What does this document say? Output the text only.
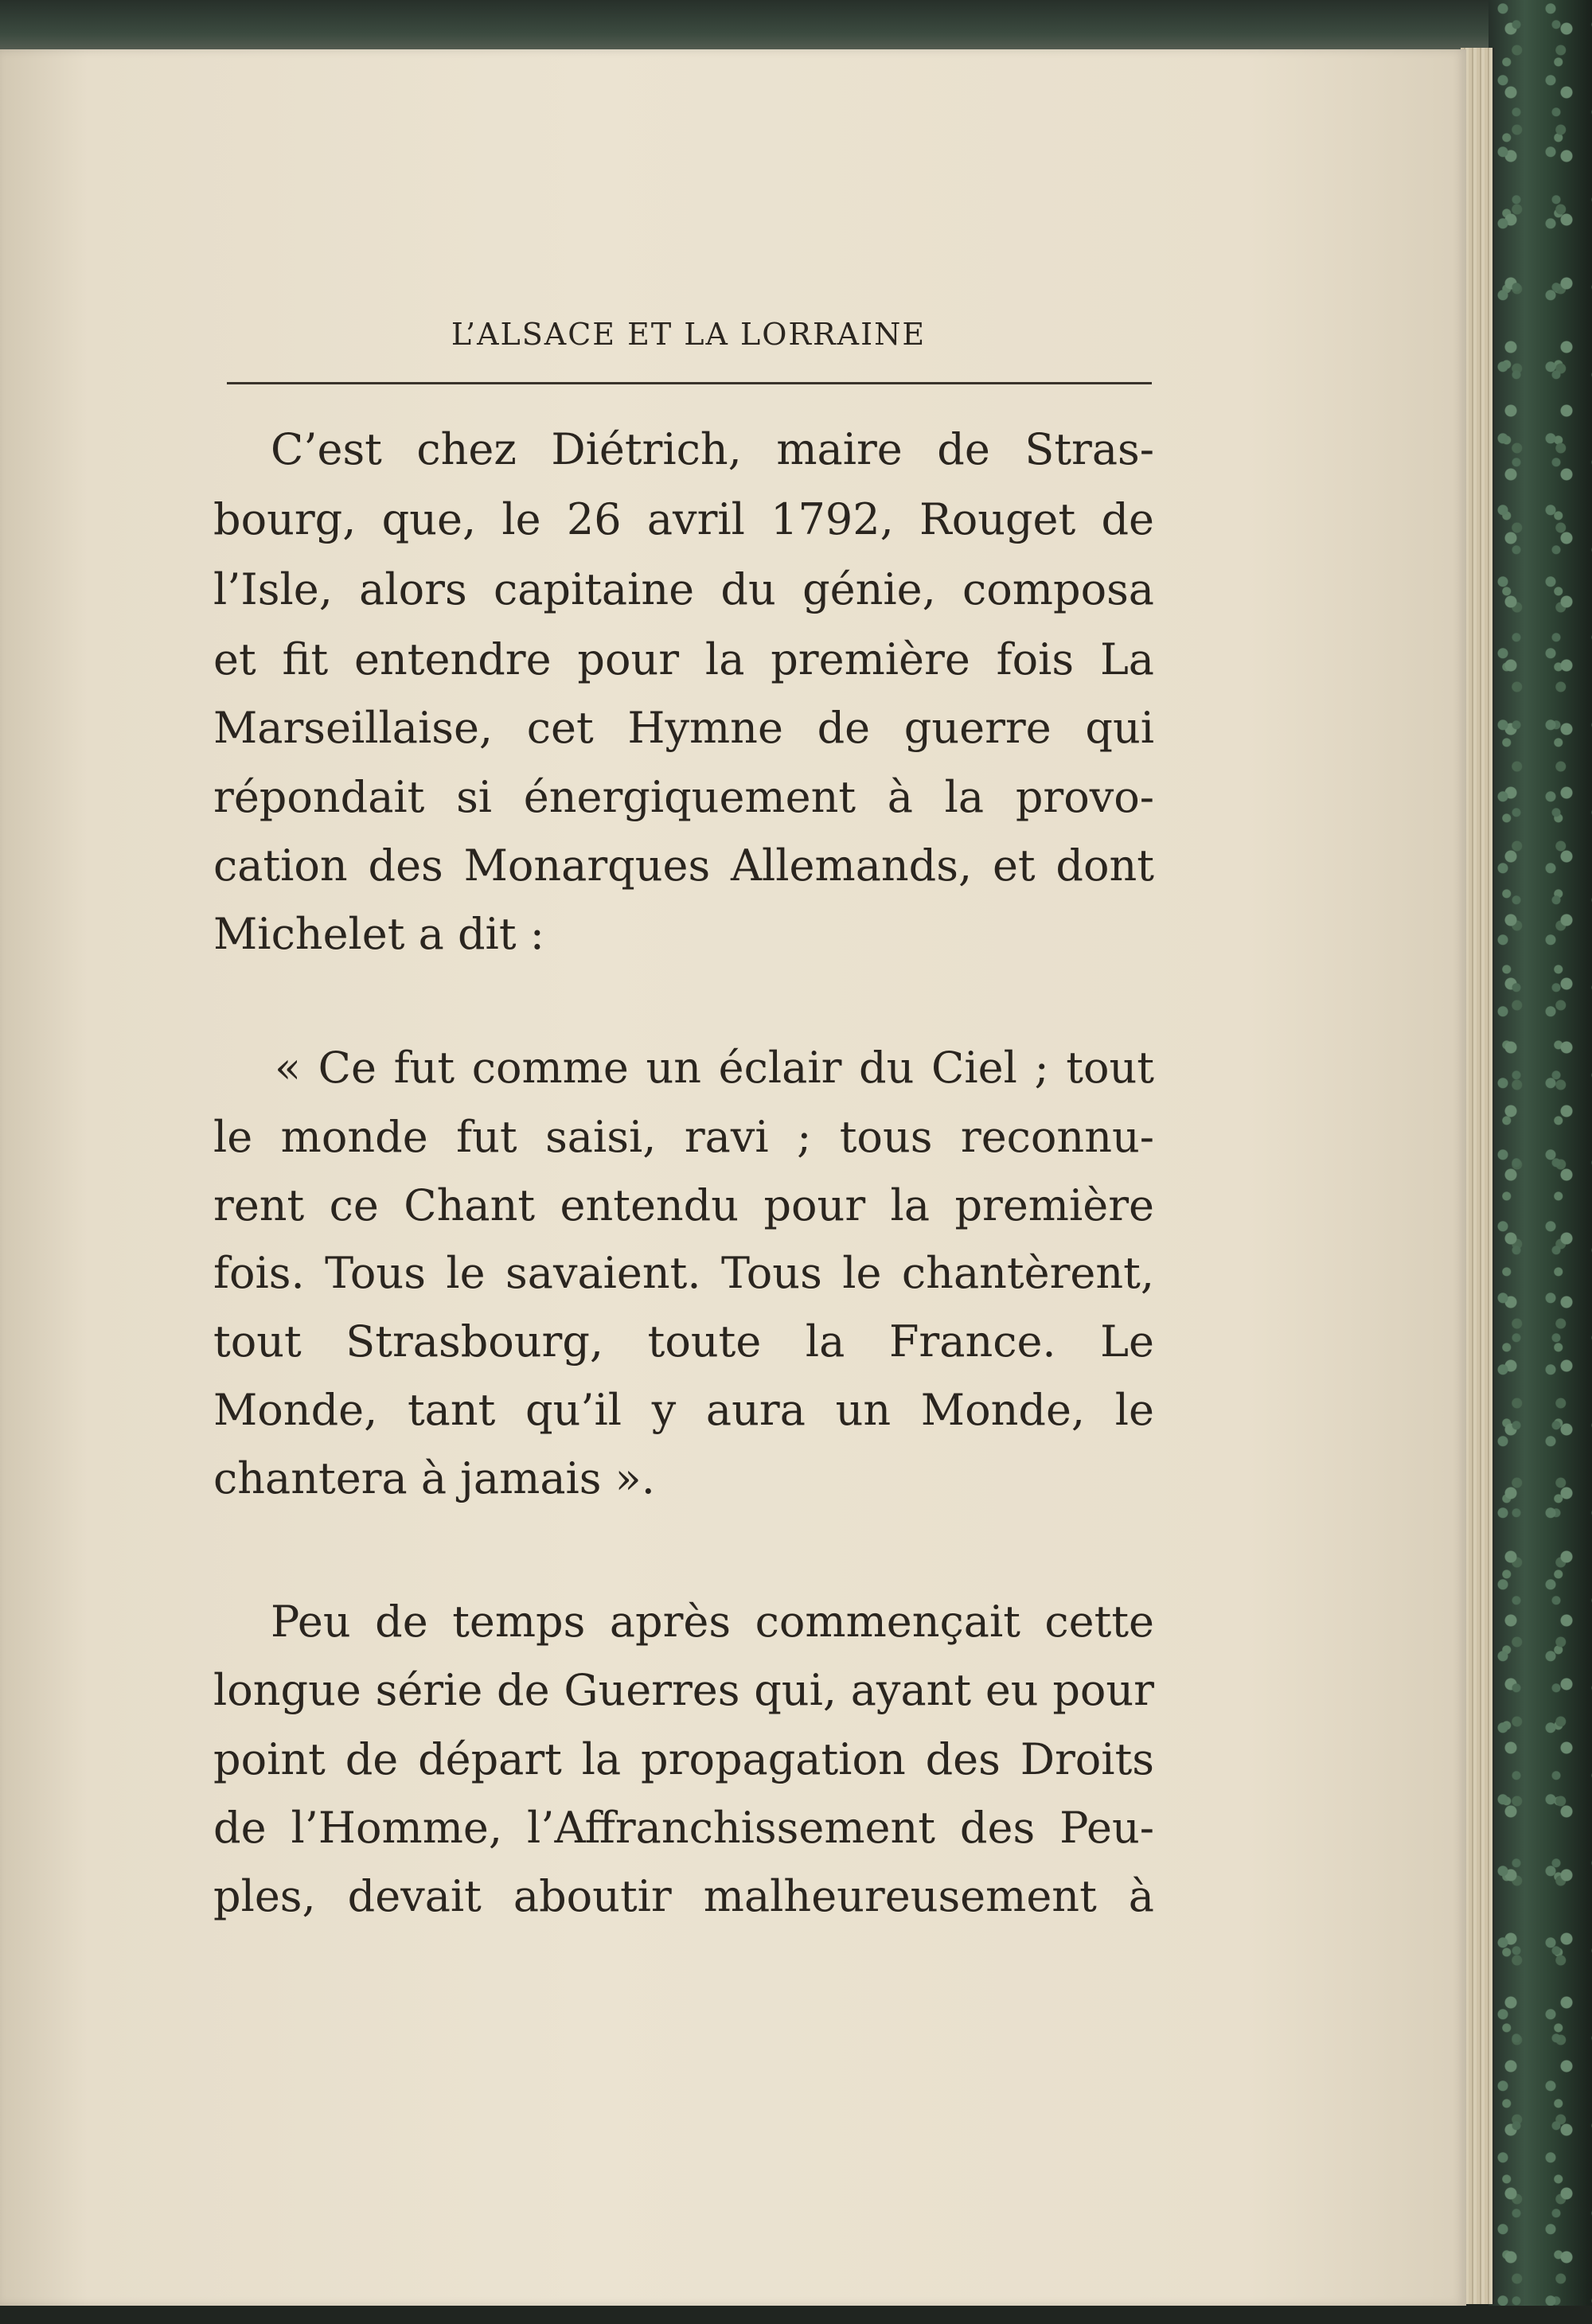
L’ALSACE ET LA LORRAINE
C’est chez Diétrich, maire de Stras-
bourg, que, le 26 avril 1792, Rouget de
l’Isle, alors capitaine du génie, composa
et fit entendre pour la première fois La
Marseillaise, cet Hymne de guerre qui
répondait si énergiquement à la provo-
cation des Monarques Allemands, et dont
Michelet a dit :
« Ce fut comme un éclair du Ciel ; tout
le monde fut saisi, ravi ; tous reconnu-
rent ce Chant entendu pour la première
fois. Tous le savaient. Tous le chantèrent,
tout Strasbourg, toute la France. Le
Monde, tant qu’il y aura un Monde, le
chantera à jamais ».
Peu de temps après commençait cette
longue série de Guerres qui, ayant eu pour
point de départ la propagation des Droits
de l’Homme, l’Affranchissement des Peu-
ples, devait aboutir malheureusement à
